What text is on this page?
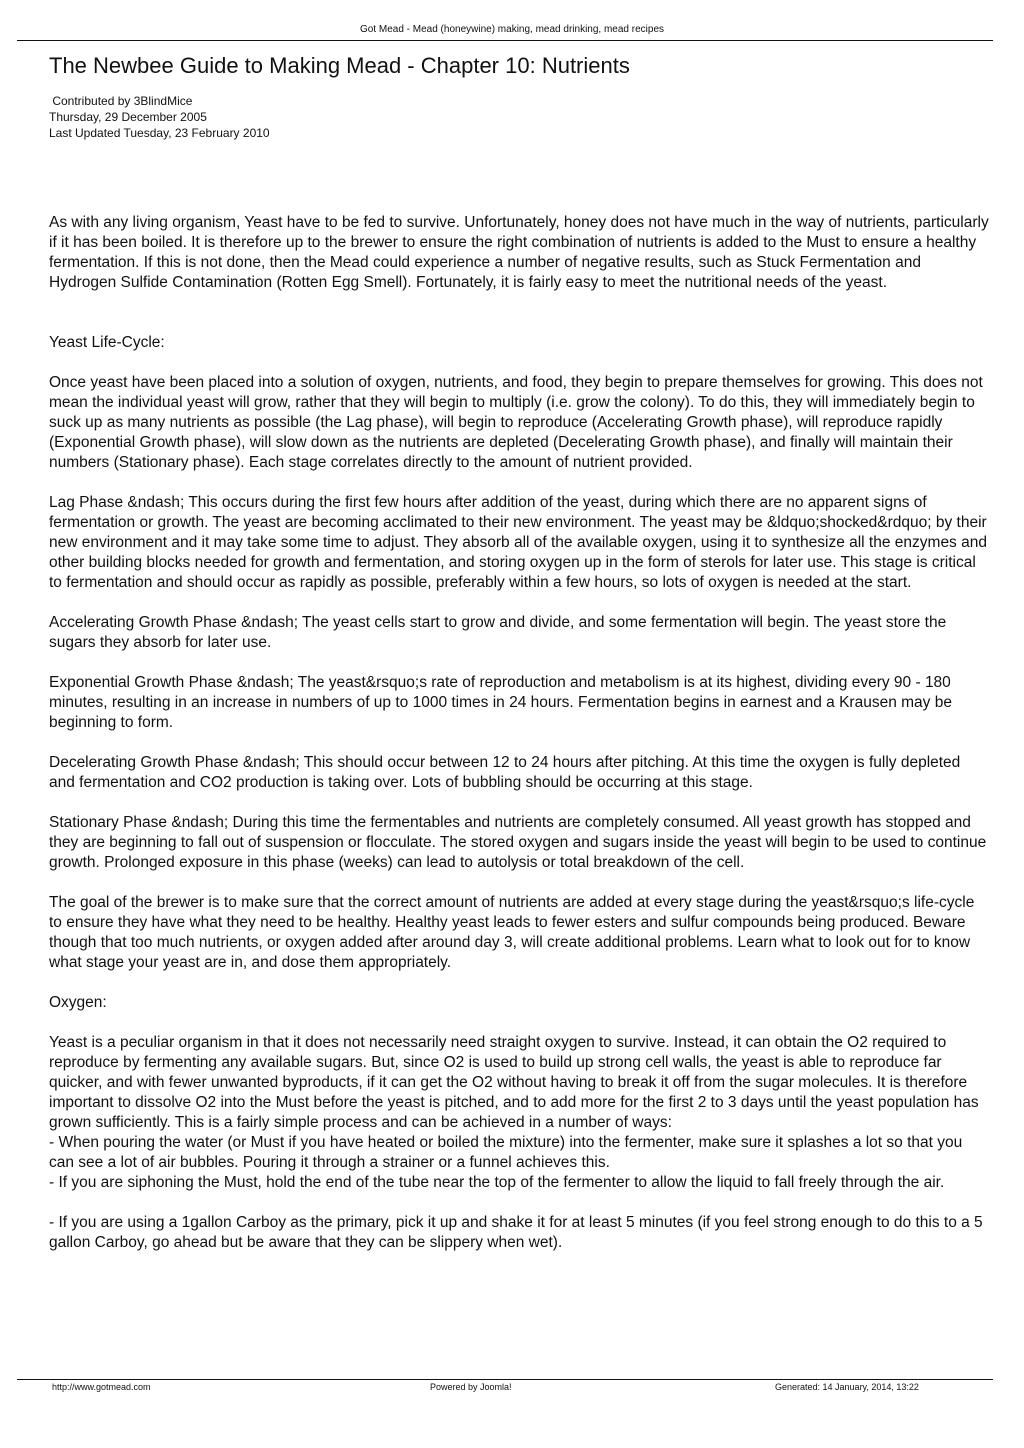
Got Mead - Mead (honeywine) making, mead drinking, mead recipes
The Newbee Guide to Making Mead - Chapter 10: Nutrients
Contributed by 3BlindMice
Thursday, 29 December 2005
Last Updated Tuesday, 23 February 2010

As with any living organism, Yeast have to be fed to survive. Unfortunately, honey does not have much in the way of nutrients, particularly if it has been boiled. It is therefore up to the brewer to ensure the right combination of nutrients is added to the Must to ensure a healthy fermentation. If this is not done, then the Mead could experience a number of negative results, such as Stuck Fermentation and Hydrogen Sulfide Contamination (Rotten Egg Smell). Fortunately, it is fairly easy to meet the nutritional needs of the yeast.

Yeast Life-Cycle:

Once yeast have been placed into a solution of oxygen, nutrients, and food, they begin to prepare themselves for growing. This does not mean the individual yeast will grow, rather that they will begin to multiply (i.e. grow the colony). To do this, they will immediately begin to suck up as many nutrients as possible (the Lag phase), will begin to reproduce (Accelerating Growth phase), will reproduce rapidly (Exponential Growth phase), will slow down as the nutrients are depleted (Decelerating Growth phase), and finally will maintain their numbers (Stationary phase). Each stage correlates directly to the amount of nutrient provided.

Lag Phase &ndash; This occurs during the first few hours after addition of the yeast, during which there are no apparent signs of fermentation or growth. The yeast are becoming acclimated to their new environment. The yeast may be &ldquo;shocked&rdquo; by their new environment and it may take some time to adjust. They absorb all of the available oxygen, using it to synthesize all the enzymes and other building blocks needed for growth and fermentation, and storing oxygen up in the form of sterols for later use. This stage is critical to fermentation and should occur as rapidly as possible, preferably within a few hours, so lots of oxygen is needed at the start.

Accelerating Growth Phase &ndash; The yeast cells start to grow and divide, and some fermentation will begin. The yeast store the sugars they absorb for later use.

Exponential Growth Phase &ndash; The yeast&rsquo;s rate of reproduction and metabolism is at its highest, dividing every 90 - 180 minutes, resulting in an increase in numbers of up to 1000 times in 24 hours. Fermentation begins in earnest and a Krausen may be beginning to form.

Decelerating Growth Phase &ndash; This should occur between 12 to 24 hours after pitching. At this time the oxygen is fully depleted and fermentation and CO2 production is taking over. Lots of bubbling should be occurring at this stage.

Stationary Phase &ndash; During this time the fermentables and nutrients are completely consumed. All yeast growth has stopped and they are beginning to fall out of suspension or flocculate. The stored oxygen and sugars inside the yeast will begin to be used to continue growth. Prolonged exposure in this phase (weeks) can lead to autolysis or total breakdown of the cell.

The goal of the brewer is to make sure that the correct amount of nutrients are added at every stage during the yeast&rsquo;s life-cycle to ensure they have what they need to be healthy. Healthy yeast leads to fewer esters and sulfur compounds being produced. Beware though that too much nutrients, or oxygen added after around day 3, will create additional problems. Learn what to look out for to know what stage your yeast are in, and dose them appropriately.

Oxygen:

Yeast is a peculiar organism in that it does not necessarily need straight oxygen to survive. Instead, it can obtain the O2 required to reproduce by fermenting any available sugars. But, since O2 is used to build up strong cell walls, the yeast is able to reproduce far quicker, and with fewer unwanted byproducts, if it can get the O2 without having to break it off from the sugar molecules. It is therefore important to dissolve O2 into the Must before the yeast is pitched, and to add more for the first 2 to 3 days until the yeast population has grown sufficiently. This is a fairly simple process and can be achieved in a number of ways:
- When pouring the water (or Must if you have heated or boiled the mixture) into the fermenter, make sure it splashes a lot so that you can see a lot of air bubbles. Pouring it through a strainer or a funnel achieves this.
- If you are siphoning the Must, hold the end of the tube near the top of the fermenter to allow the liquid to fall freely through the air.

- If you are using a 1gallon Carboy as the primary, pick it up and shake it for at least 5 minutes (if you feel strong enough to do this to a 5 gallon Carboy, go ahead but be aware that they can be slippery when wet).

http://www.gotmead.com	Powered by Joomla!	Generated: 14 January, 2014, 13:22
